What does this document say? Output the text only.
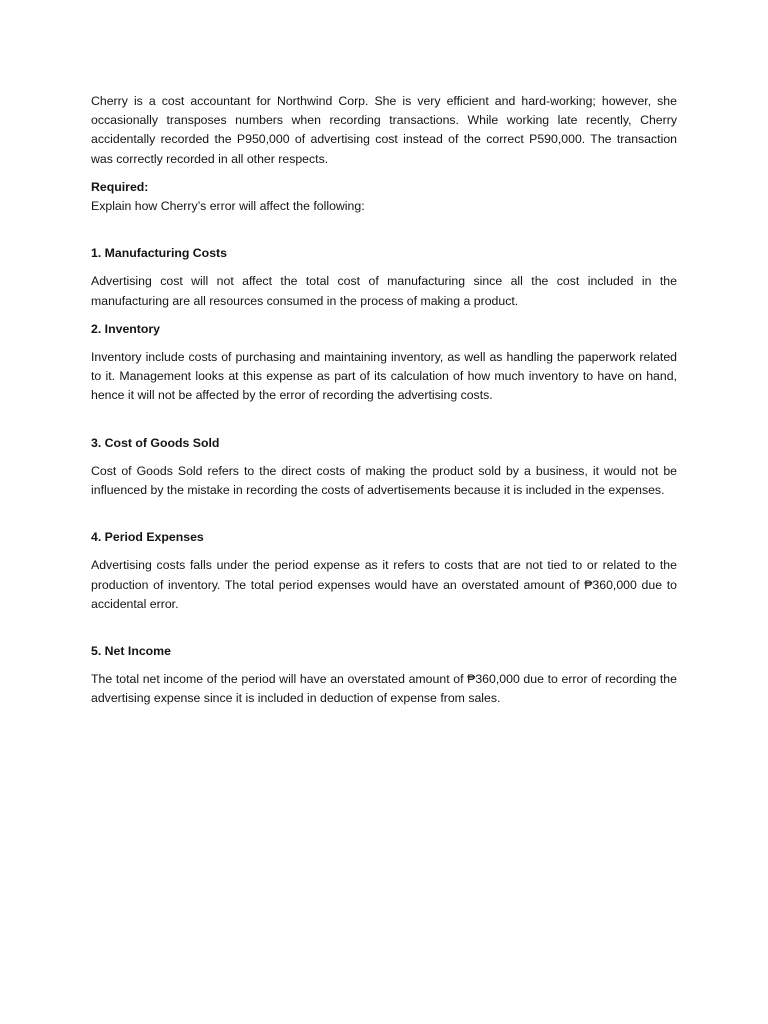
Cherry is a cost accountant for Northwind Corp. She is very efficient and hard-working; however, she occasionally transposes numbers when recording transactions. While working late recently, Cherry accidentally recorded the P950,000 of advertising cost instead of the correct P590,000. The transaction was correctly recorded in all other respects.

Required:
Explain how Cherry’s error will affect the following:
1. Manufacturing Costs

Advertising cost will not affect the total cost of manufacturing since all the cost included in the manufacturing are all resources consumed in the process of making a product.

2. Inventory

Inventory include costs of purchasing and maintaining inventory, as well as handling the paperwork related to it. Management looks at this expense as part of its calculation of how much inventory to have on hand, hence it will not be affected by the error of recording the advertising costs.

3. Cost of Goods Sold

Cost of Goods Sold refers to the direct costs of making the product sold by a business, it would not be influenced by the mistake in recording the costs of advertisements because it is included in the expenses.

4. Period Expenses

Advertising costs falls under the period expense as it refers to costs that are not tied to or related to the production of inventory. The total period expenses would have an overstated amount of ₱360,000 due to accidental error.

5. Net Income

The total net income of the period will have an overstated amount of ₱360,000 due to error of recording the advertising expense since it is included in deduction of expense from sales.
